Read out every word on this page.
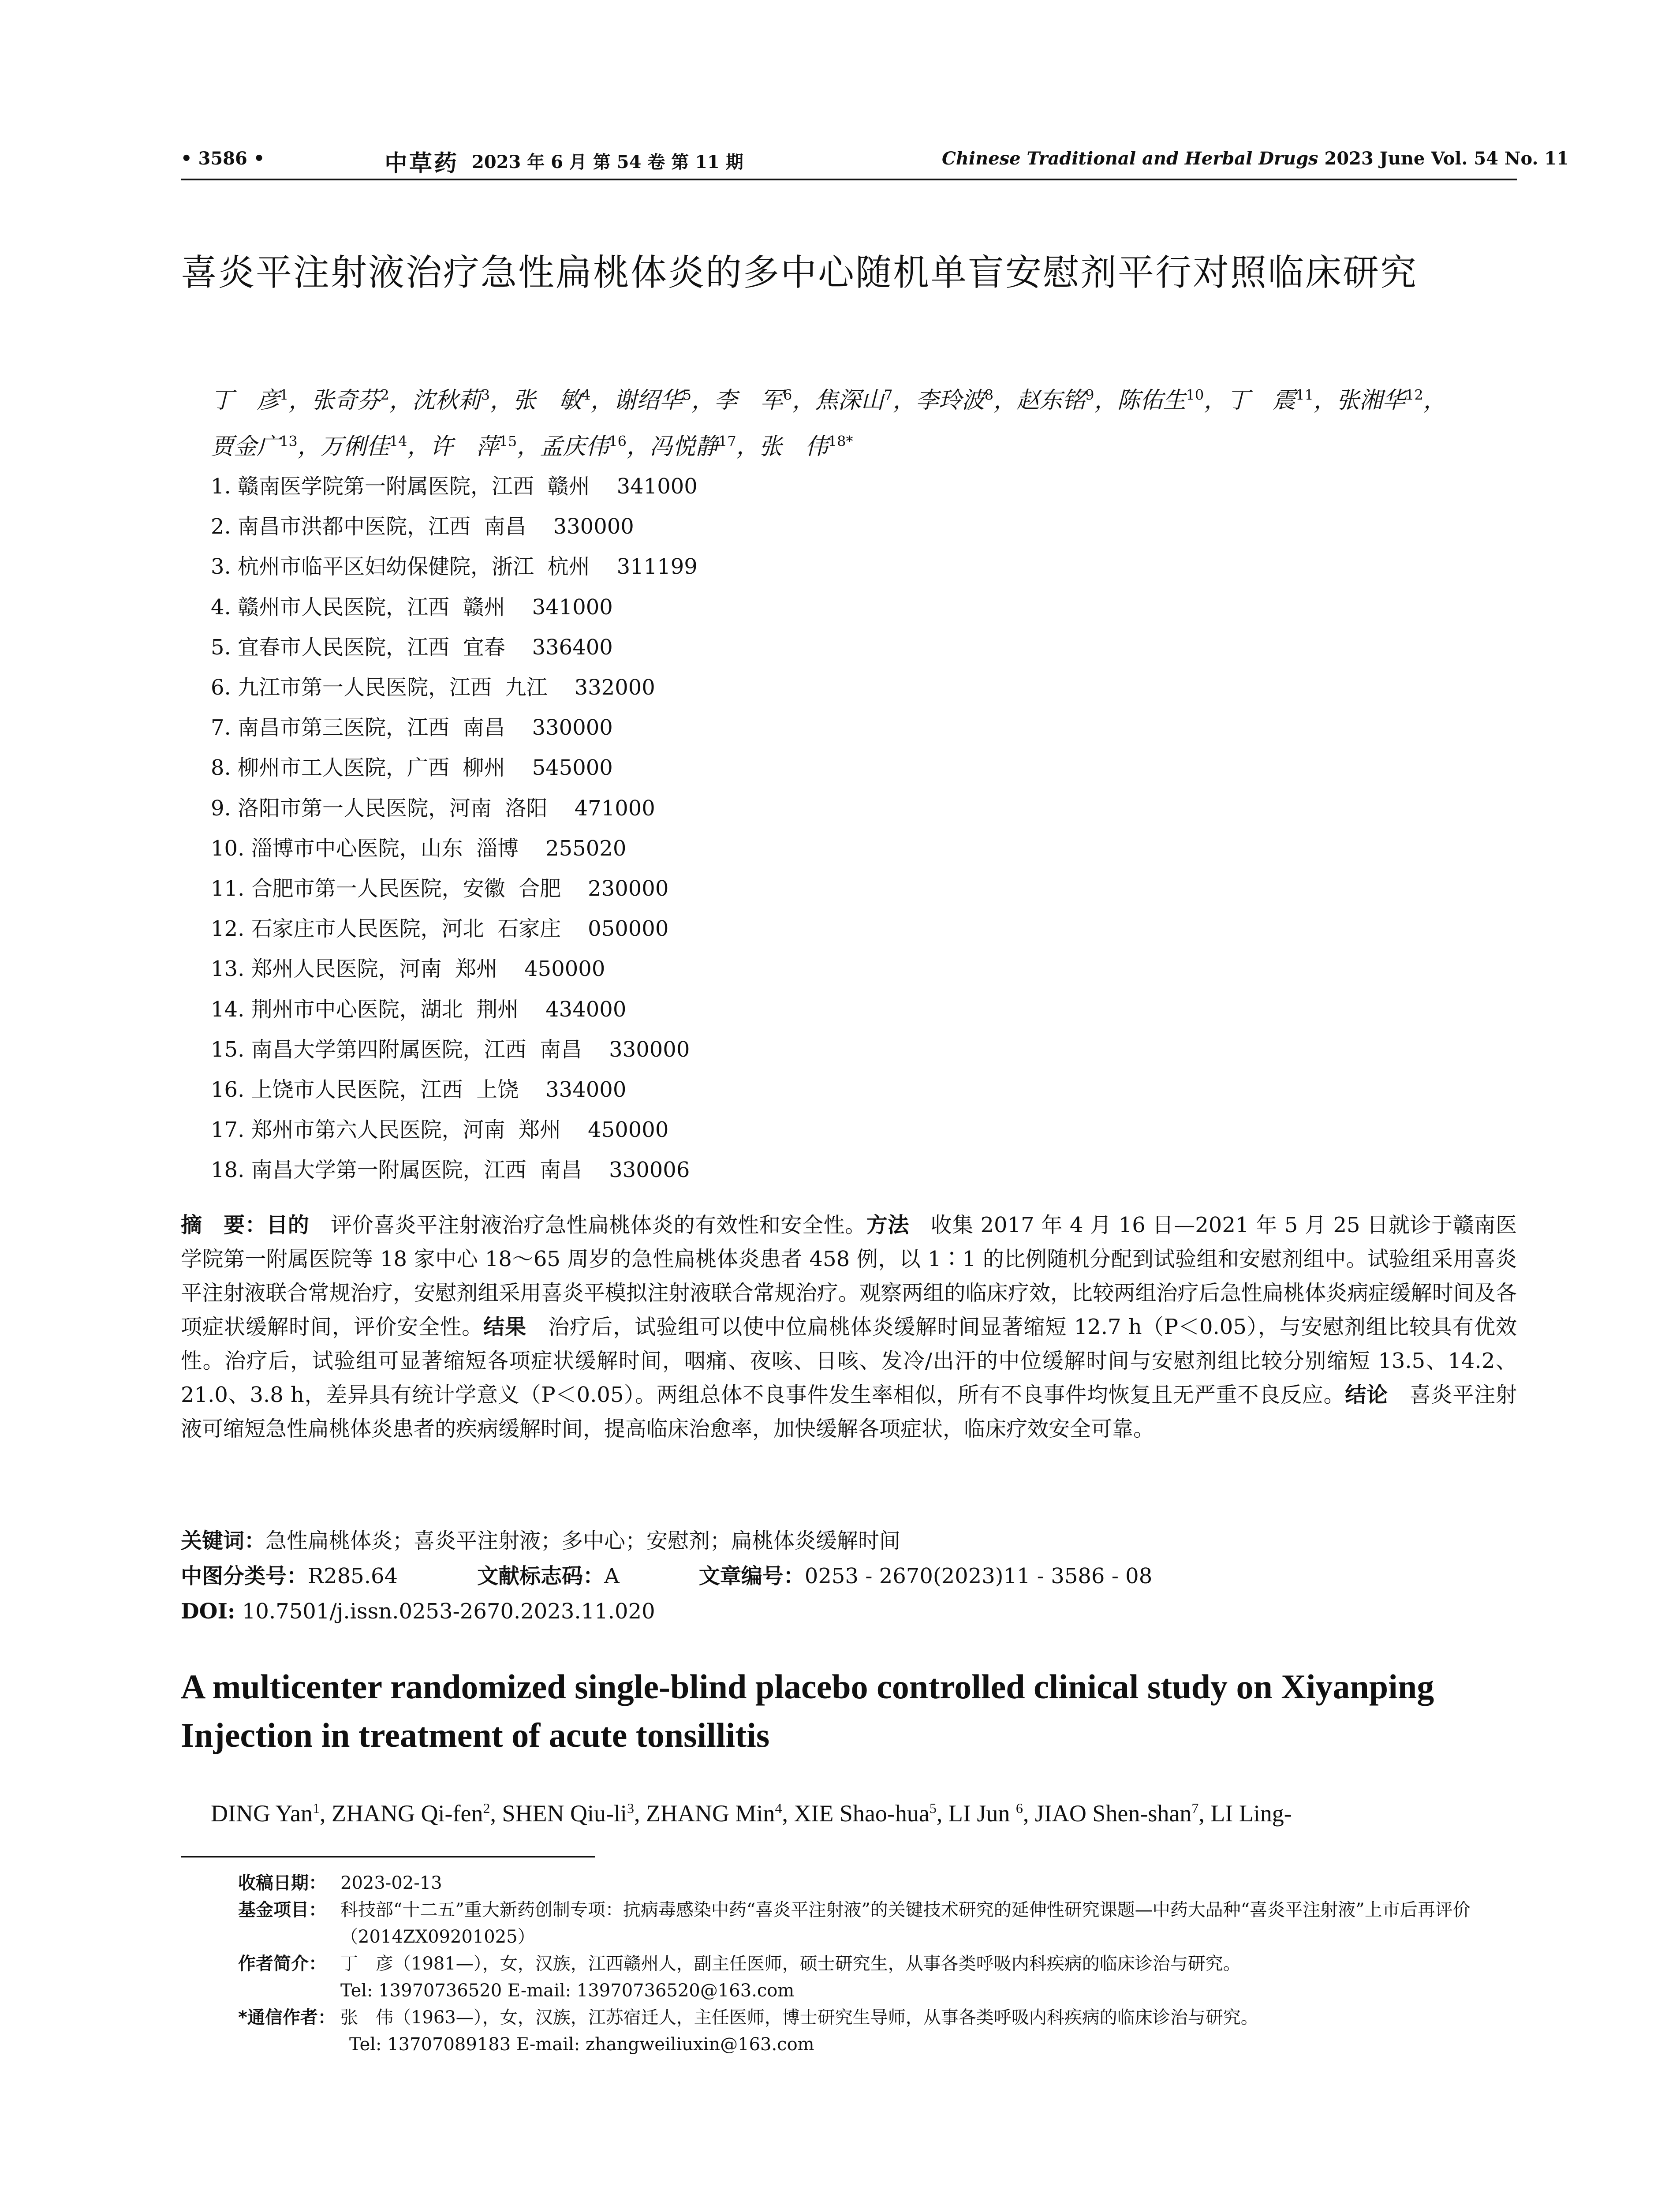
• 3586 •	中草药 2023 年 6 月 第 54 卷 第 11 期	Chinese Traditional and Herbal Drugs 2023 June Vol. 54 No. 11
喜炎平注射液治疗急性扁桃体炎的多中心随机单盲安慰剂平行对照临床研究
丁　彦$^1$，张奇芬$^2$，沈秋莉$^3$，张　敏$^4$，谢绍华$^5$，李　军$^6$，焦深山$^7$，李玲波$^8$，赵东铭$^9$，陈佑生$^{10}$，丁　震$^{11}$，张湘华$^{12}$，贾金广$^{13}$，万俐佳$^{14}$，许　萍$^{15}$，孟庆伟$^{16}$，冯悦静$^{17}$，张　伟$^{18*}$
1. 赣南医学院第一附属医院，江西  赣州    341000
2. 南昌市洪都中医院，江西  南昌    330000
3. 杭州市临平区妇幼保健院，浙江  杭州    311199
4. 赣州市人民医院，江西  赣州    341000
5. 宜春市人民医院，江西  宜春    336400
6. 九江市第一人民医院，江西  九江    332000
7. 南昌市第三医院，江西  南昌    330000
8. 柳州市工人医院，广西  柳州    545000
9. 洛阳市第一人民医院，河南  洛阳    471000
10. 淄博市中心医院，山东  淄博    255020
11. 合肥市第一人民医院，安徽  合肥    230000
12. 石家庄市人民医院，河北  石家庄    050000
13. 郑州人民医院，河南  郑州    450000
14. 荆州市中心医院，湖北  荆州    434000
15. 南昌大学第四附属医院，江西  南昌    330000
16. 上饶市人民医院，江西  上饶    334000
17. 郑州市第六人民医院，河南  郑州    450000
18. 南昌大学第一附属医院，江西  南昌    330006

摘　要：目的　评价喜炎平注射液治疗急性扁桃体炎的有效性和安全性。方法　收集 2017 年 4 月 16 日—2021 年 5 月 25 日就诊于赣南医学院第一附属医院等 18 家中心 18～65 周岁的急性扁桃体炎患者 458 例，以 1∶1 的比例随机分配到试验组和安慰剂组中。试验组采用喜炎平注射液联合常规治疗，安慰剂组采用喜炎平模拟注射液联合常规治疗。观察两组的临床疗效，比较两组治疗后急性扁桃体炎病症缓解时间及各项症状缓解时间，评价安全性。结果　治疗后，试验组可以使中位扁桃体炎缓解时间显著缩短 12.7 h（P＜0.05），与安慰剂组比较具有优效性。治疗后，试验组可显著缩短各项症状缓解时间，咽痛、夜咳、日咳、发冷/出汗的中位缓解时间与安慰剂组比较分别缩短 13.5、14.2、21.0、3.8 h，差异具有统计学意义（P＜0.05）。两组总体不良事件发生率相似，所有不良事件均恢复且无严重不良反应。结论　喜炎平注射液可缩短急性扁桃体炎患者的疾病缓解时间，提高临床治愈率，加快缓解各项症状，临床疗效安全可靠。

关键词：急性扁桃体炎；喜炎平注射液；多中心；安慰剂；扁桃体炎缓解时间
中图分类号：R285.64	文献标志码：A	文章编号：0253 - 2670(2023)11 - 3586 - 08
DOI: 10.7501/j.issn.0253-2670.2023.11.020
A multicenter randomized single-blind placebo controlled clinical study on Xiyanping Injection in treatment of acute tonsillitis
DING Yan$^1$, ZHANG Qi-fen$^2$, SHEN Qiu-$li^3$, ZHANG Min$^4$, XIE Shao-hua$^5$, LI Jun $^6$, JIAO Shen-shan$^7$, LI Ling-
收稿日期： 2023-02-13

基金项目： 科技部“十二五”重大新药创制专项：抗病毒感染中药“喜炎平注射液”的关键技术研究的延伸性研究课题—中药大品种“喜炎平注射液”上市后再评价（2014ZX09201025）

作者简介： 丁　彦（1981—），女，汉族，江西赣州人，副主任医师，硕士研究生，从事各类呼吸内科疾病的临床诊治与研究。

Tel: 13970736520 E-mail: 13970736520@163.com

*通信作者： 张　伟（1963—），女，汉族，江苏宿迁人，主任医师，博士研究生导师，从事各类呼吸内科疾病的临床诊治与研究。

Tel: 13707089183 E-mail: zhangweiliuxin@163.com
